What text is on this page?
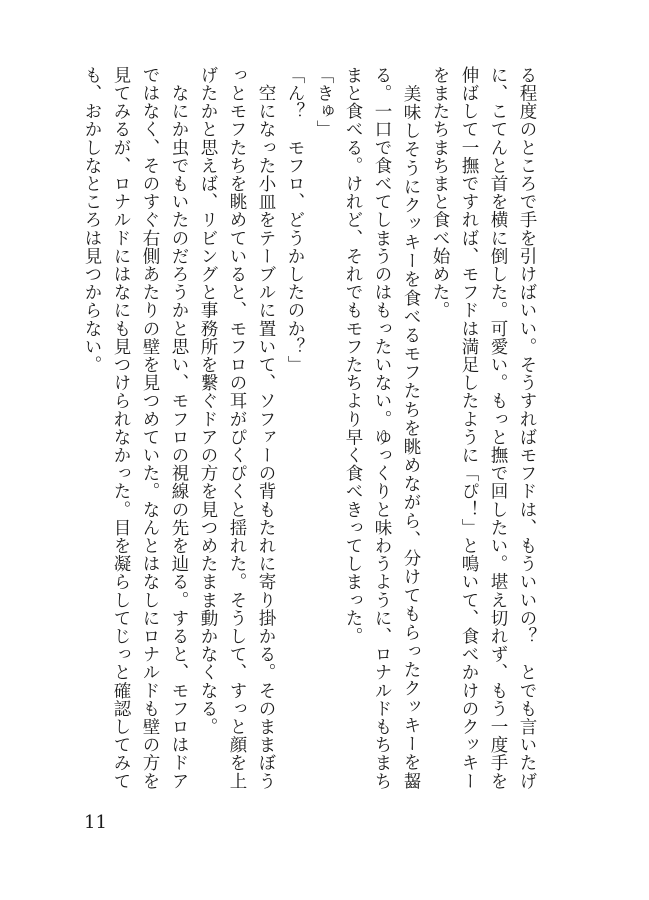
る程度のところで手を引けばいい。そうすればモフドは、もういいの？　とでも言いたげに、こてんと首を横に倒した。可愛い。もっと撫で回したい。堪え切れず、もう一度手を伸ばして一撫ですれば、モフドは満足したように「ぴ！」と鳴いて、食べかけのクッキーをまたちまちまと食べ始めた。

　美味しそうにクッキーを食べるモフたちを眺めながら、分けてもらったクッキーを齧る。一口で食べてしまうのはもったいない。ゆっくりと味わうように、ロナルドもちまちまと食べる。けれど、それでもモフたちより早く食べきってしまった。

「きゅ」

「ん？　モフロ、どうかしたのか？」

　空になった小皿をテーブルに置いて、ソファーの背もたれに寄り掛かる。そのままぼうっとモフたちを眺めていると、モフロの耳がぴくぴくと揺れた。そうして、すっと顔を上げたかと思えば、リビングと事務所を繋ぐドアの方を見つめたまま動かなくなる。

　なにか虫でもいたのだろうかと思い、モフロの視線の先を辿る。すると、モフロはドアではなく、そのすぐ右側あたりの壁を見つめていた。なんとはなしにロナルドも壁の方を見てみるが、ロナルドにはなにも見つけられなかった。目を凝らしてじっと確認してみても、おかしなところは見つからない。

11
